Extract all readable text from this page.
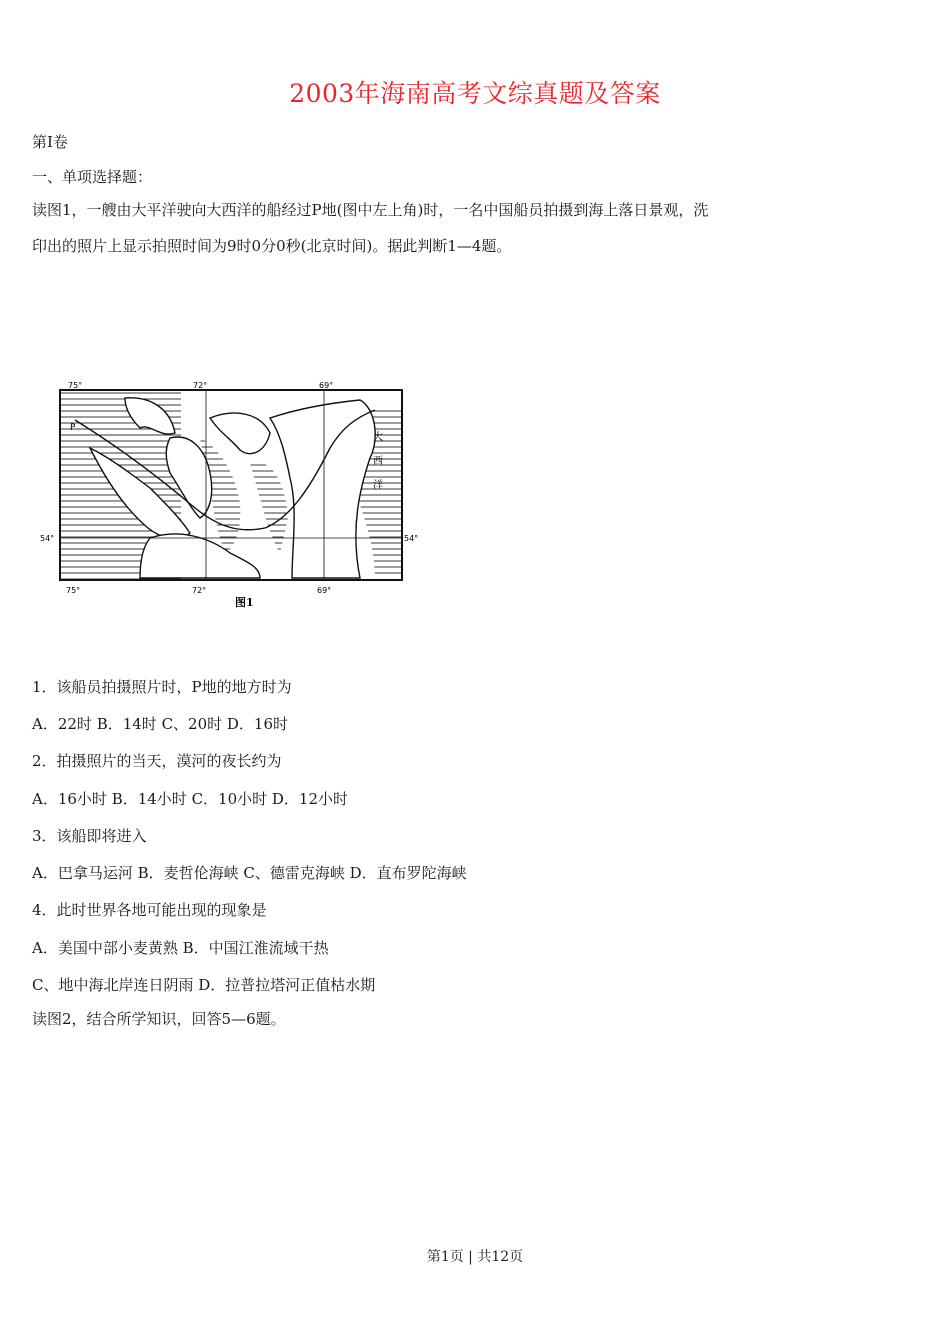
2003年海南高考文综真题及答案
第Ⅰ卷
一、单项选择题：
读图1，一艘由大平洋驶向大西洋的船经过P地(图中左上角)时，一名中国船员拍摄到海上落日景观，洗
印出的照片上显示拍照时间为9时0分0秒(北京时间)。据此判断1—4题。
75°	72°	69°
75°	72°	69°
54°	54°
P
大
西
洋
图1
1．该船员拍摄照片时，P地的地方时为
A．22时 B．14时 C、20时 D．16时
2．拍摄照片的当天，漠河的夜长约为
A．16小时 B．14小时 C．10小时 D．12小时
3．该船即将进入
A．巴拿马运河 B．麦哲伦海峡 C、德雷克海峡 D．直布罗陀海峡
4．此时世界各地可能出现的现象是
A．美国中部小麦黄熟 B．中国江淮流域干热
C、地中海北岸连日阴雨 D．拉普拉塔河正值枯水期
读图2，结合所学知识，回答5—6题。
第1页 | 共12页
